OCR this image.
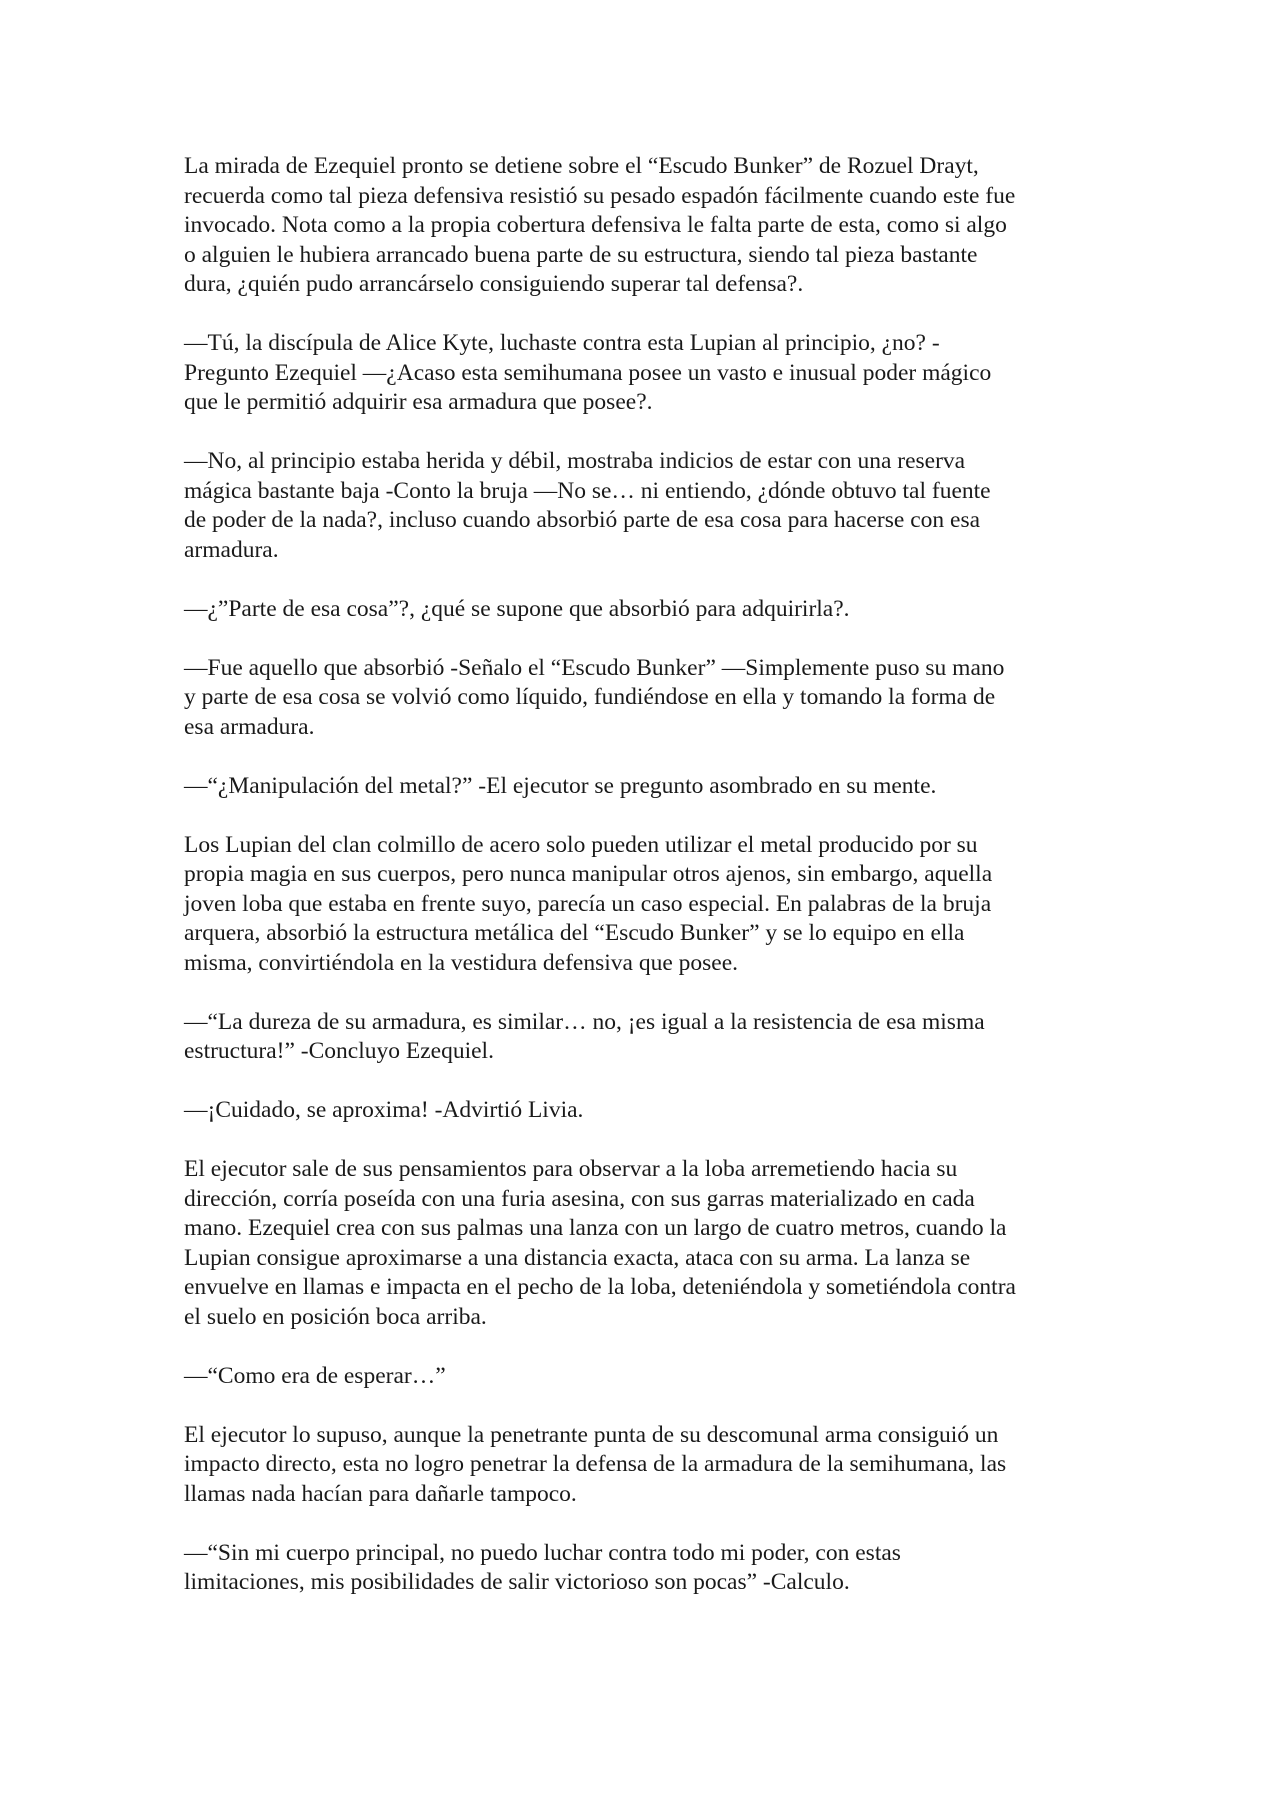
La mirada de Ezequiel pronto se detiene sobre el “Escudo Bunker” de Rozuel Drayt,
recuerda como tal pieza defensiva resistió su pesado espadón fácilmente cuando este fue
invocado. Nota como a la propia cobertura defensiva le falta parte de esta, como si algo
o alguien le hubiera arrancado buena parte de su estructura, siendo tal pieza bastante
dura, ¿quién pudo arrancárselo consiguiendo superar tal defensa?.

—Tú, la discípula de Alice Kyte, luchaste contra esta Lupian al principio, ¿no? -
Pregunto Ezequiel —¿Acaso esta semihumana posee un vasto e inusual poder mágico
que le permitió adquirir esa armadura que posee?.

—No, al principio estaba herida y débil, mostraba indicios de estar con una reserva
mágica bastante baja -Conto la bruja —No se… ni entiendo, ¿dónde obtuvo tal fuente
de poder de la nada?, incluso cuando absorbió parte de esa cosa para hacerse con esa
armadura.

—¿”Parte de esa cosa”?, ¿qué se supone que absorbió para adquirirla?.

—Fue aquello que absorbió -Señalo el “Escudo Bunker” —Simplemente puso su mano
y parte de esa cosa se volvió como líquido, fundiéndose en ella y tomando la forma de
esa armadura.

—“¿Manipulación del metal?” -El ejecutor se pregunto asombrado en su mente.

Los Lupian del clan colmillo de acero solo pueden utilizar el metal producido por su
propia magia en sus cuerpos, pero nunca manipular otros ajenos, sin embargo, aquella
joven loba que estaba en frente suyo, parecía un caso especial. En palabras de la bruja
arquera, absorbió la estructura metálica del “Escudo Bunker” y se lo equipo en ella
misma, convirtiéndola en la vestidura defensiva que posee.

—“La dureza de su armadura, es similar… no, ¡es igual a la resistencia de esa misma
estructura!” -Concluyo Ezequiel.

—¡Cuidado, se aproxima! -Advirtió Livia.

El ejecutor sale de sus pensamientos para observar a la loba arremetiendo hacia su
dirección, corría poseída con una furia asesina, con sus garras materializado en cada
mano. Ezequiel crea con sus palmas una lanza con un largo de cuatro metros, cuando la
Lupian consigue aproximarse a una distancia exacta, ataca con su arma. La lanza se
envuelve en llamas e impacta en el pecho de la loba, deteniéndola y sometiéndola contra
el suelo en posición boca arriba.

—“Como era de esperar…”

El ejecutor lo supuso, aunque la penetrante punta de su descomunal arma consiguió un
impacto directo, esta no logro penetrar la defensa de la armadura de la semihumana, las
llamas nada hacían para dañarle tampoco.

—“Sin mi cuerpo principal, no puedo luchar contra todo mi poder, con estas
limitaciones, mis posibilidades de salir victorioso son pocas” -Calculo.
